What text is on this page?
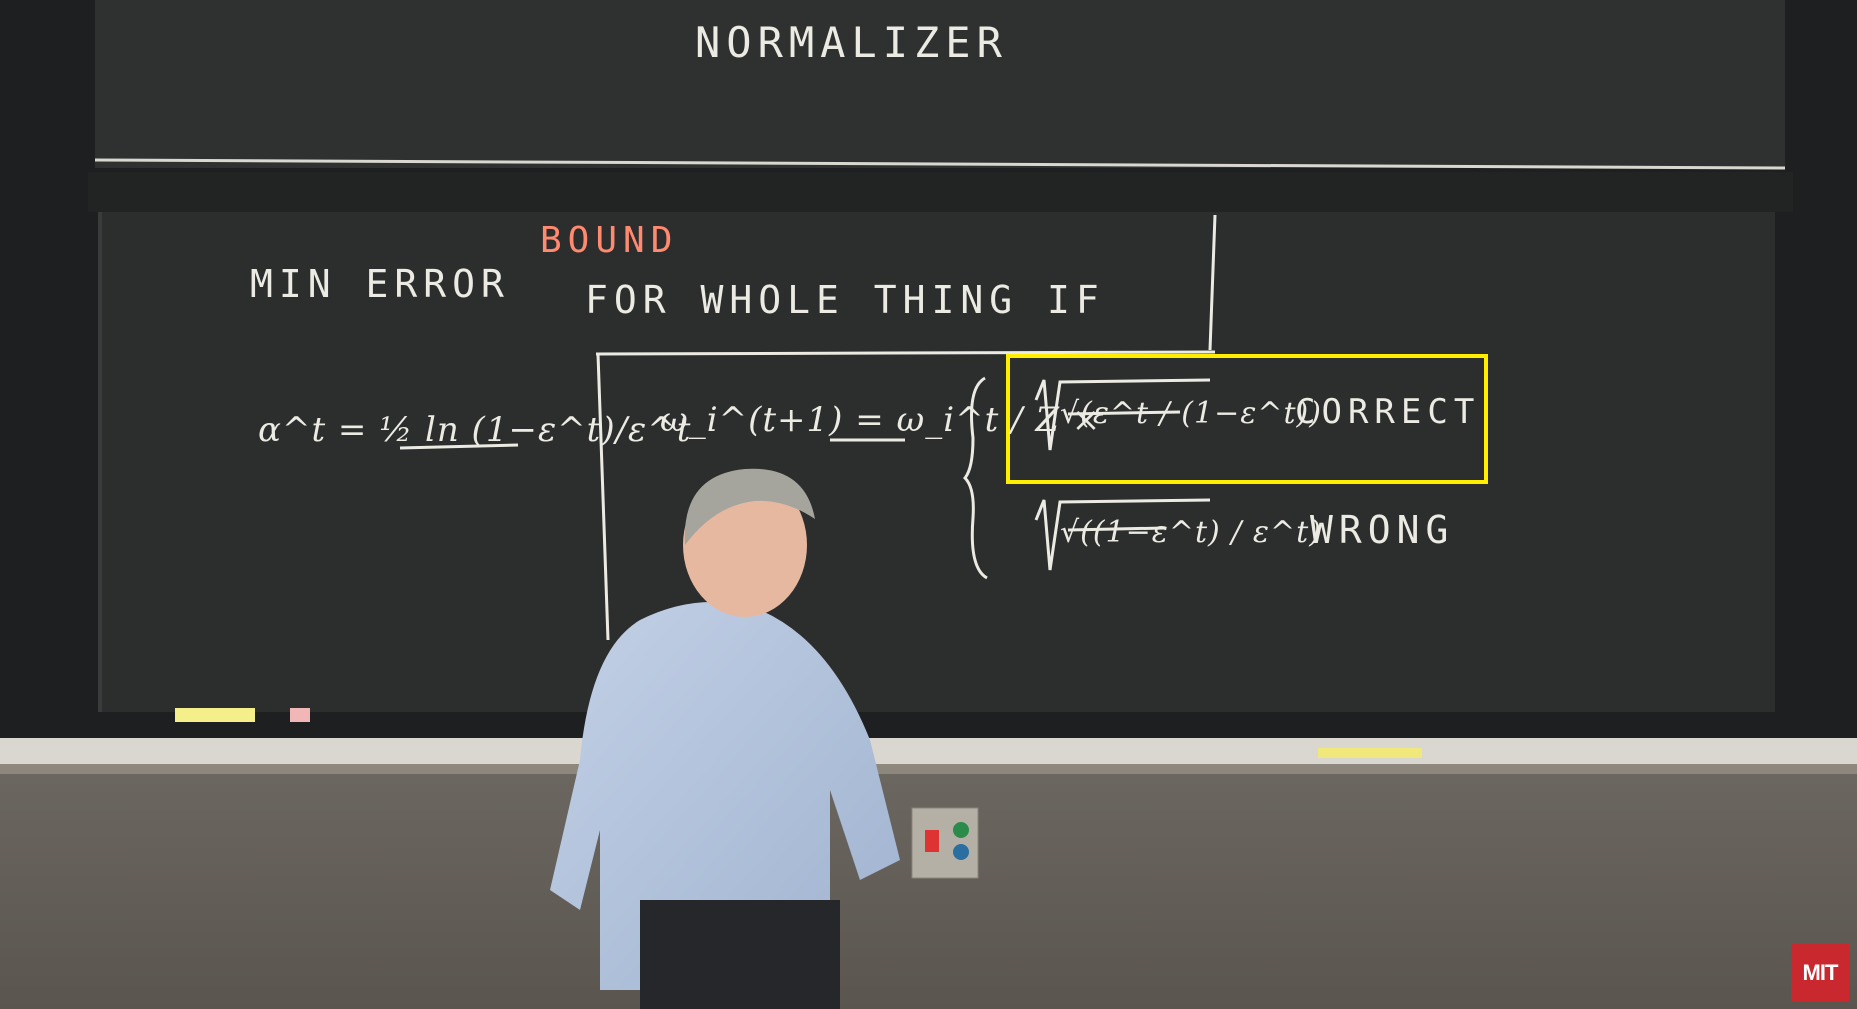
NORMALIZER
MIN ERROR
BOUND
FOR WHOLE THING IF
α^t = ½ ln (1−ε^t)/ε^t
ω_i^(t+1) = ω_i^t / Z ×
√(ε^t / (1−ε^t))
CORRECT
√((1−ε^t) / ε^t)
WRONG
MIT
